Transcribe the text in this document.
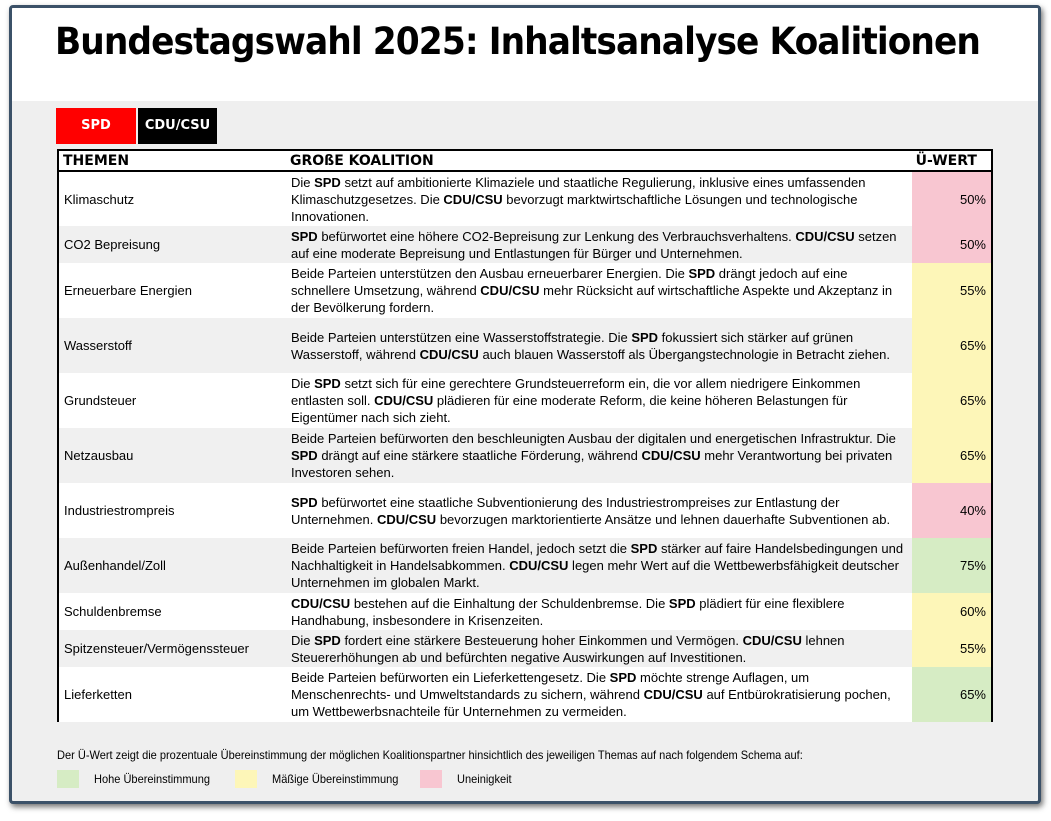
Bundestagswahl 2025: Inhaltsanalyse Koalitionen
SPD	CDU/CSU
THEMEN	GROßE KOALITION	Ü-WERT
Klimaschutz	Die SPD setzt auf ambitionierte Klimaziele und staatliche Regulierung, inklusive eines umfassenden Klimaschutzgesetzes. Die CDU/CSU bevorzugt marktwirtschaftliche Lösungen und technologische Innovationen.	50%
CO2 Bepreisung	SPD befürwortet eine höhere CO2-Bepreisung zur Lenkung des Verbrauchsverhaltens. CDU/CSU setzen auf eine moderate Bepreisung und Entlastungen für Bürger und Unternehmen.	50%
Erneuerbare Energien	Beide Parteien unterstützen den Ausbau erneuerbarer Energien. Die SPD drängt jedoch auf eine schnellere Umsetzung, während CDU/CSU mehr Rücksicht auf wirtschaftliche Aspekte und Akzeptanz in der Bevölkerung fordern.	55%
Wasserstoff	Beide Parteien unterstützen eine Wasserstoffstrategie. Die SPD fokussiert sich stärker auf grünen Wasserstoff, während CDU/CSU auch blauen Wasserstoff als Übergangstechnologie in Betracht ziehen.	65%
Grundsteuer	Die SPD setzt sich für eine gerechtere Grundsteuerreform ein, die vor allem niedrigere Einkommen entlasten soll. CDU/CSU plädieren für eine moderate Reform, die keine höheren Belastungen für Eigentümer nach sich zieht.	65%
Netzausbau	Beide Parteien befürworten den beschleunigten Ausbau der digitalen und energetischen Infrastruktur. Die SPD drängt auf eine stärkere staatliche Förderung, während CDU/CSU mehr Verantwortung bei privaten Investoren sehen.	65%
Industriestrompreis	SPD befürwortet eine staatliche Subventionierung des Industriestrompreises zur Entlastung der Unternehmen. CDU/CSU bevorzugen marktorientierte Ansätze und lehnen dauerhafte Subventionen ab.	40%
Außenhandel/Zoll	Beide Parteien befürworten freien Handel, jedoch setzt die SPD stärker auf faire Handelsbedingungen und Nachhaltigkeit in Handelsabkommen. CDU/CSU legen mehr Wert auf die Wettbewerbsfähigkeit deutscher Unternehmen im globalen Markt.	75%
Schuldenbremse	CDU/CSU bestehen auf die Einhaltung der Schuldenbremse. Die SPD plädiert für eine flexiblere Handhabung, insbesondere in Krisenzeiten.	60%
Spitzensteuer/Vermögenssteuer	Die SPD fordert eine stärkere Besteuerung hoher Einkommen und Vermögen. CDU/CSU lehnen Steuererhöhungen ab und befürchten negative Auswirkungen auf Investitionen.	55%
Lieferketten	Beide Parteien befürworten ein Lieferkettengesetz. Die SPD möchte strenge Auflagen, um Menschenrechts- und Umweltstandards zu sichern, während CDU/CSU auf Entbürokratisierung pochen, um Wettbewerbsnachteile für Unternehmen zu vermeiden.	65%
Der Ü-Wert zeigt die prozentuale Übereinstimmung der möglichen Koalitionspartner hinsichtlich des jeweiligen Themas auf nach folgendem Schema auf:
Hohe Übereinstimmung	Mäßige Übereinstimmung	Uneinigkeit
